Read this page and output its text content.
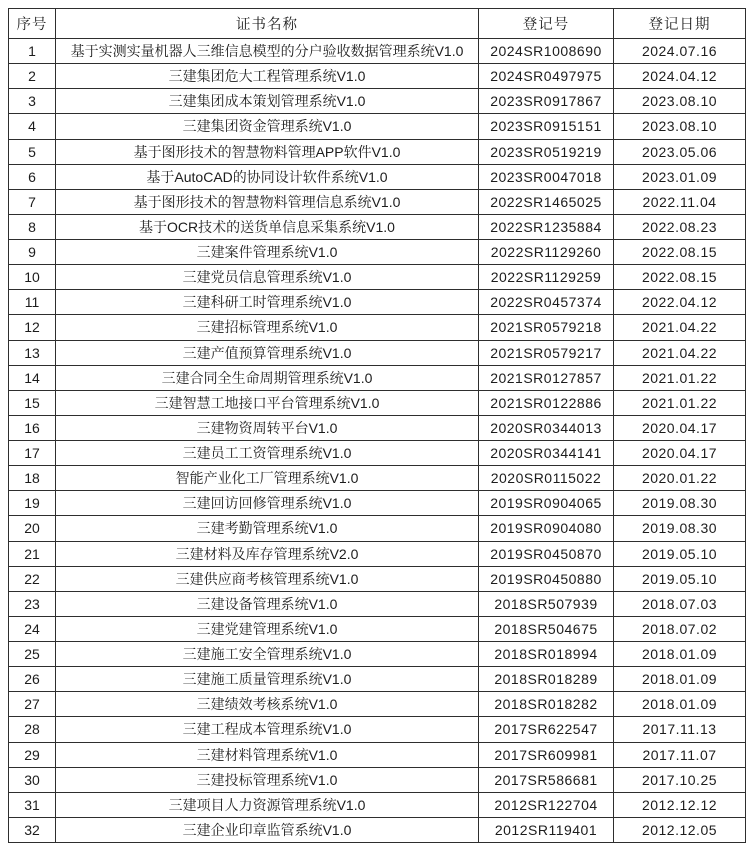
序号	证书名称	登记号	登记日期
1	基于实测实量机器人三维信息模型的分户验收数据管理系统V1.0	2024SR1008690	2024.07.16
2	三建集团危大工程管理系统V1.0	2024SR0497975	2024.04.12
3	三建集团成本策划管理系统V1.0	2023SR0917867	2023.08.10
4	三建集团资金管理系统V1.0	2023SR0915151	2023.08.10
5	基于图形技术的智慧物料管理APP软件V1.0	2023SR0519219	2023.05.06
6	基于AutoCAD的协同设计软件系统V1.0	2023SR0047018	2023.01.09
7	基于图形技术的智慧物料管理信息系统V1.0	2022SR1465025	2022.11.04
8	基于OCR技术的送货单信息采集系统V1.0	2022SR1235884	2022.08.23
9	三建案件管理系统V1.0	2022SR1129260	2022.08.15
10	三建党员信息管理系统V1.0	2022SR1129259	2022.08.15
11	三建科研工时管理系统V1.0	2022SR0457374	2022.04.12
12	三建招标管理系统V1.0	2021SR0579218	2021.04.22
13	三建产值预算管理系统V1.0	2021SR0579217	2021.04.22
14	三建合同全生命周期管理系统V1.0	2021SR0127857	2021.01.22
15	三建智慧工地接口平台管理系统V1.0	2021SR0122886	2021.01.22
16	三建物资周转平台V1.0	2020SR0344013	2020.04.17
17	三建员工工资管理系统V1.0	2020SR0344141	2020.04.17
18	智能产业化工厂管理系统V1.0	2020SR0115022	2020.01.22
19	三建回访回修管理系统V1.0	2019SR0904065	2019.08.30
20	三建考勤管理系统V1.0	2019SR0904080	2019.08.30
21	三建材料及库存管理系统V2.0	2019SR0450870	2019.05.10
22	三建供应商考核管理系统V1.0	2019SR0450880	2019.05.10
23	三建设备管理系统V1.0	2018SR507939	2018.07.03
24	三建党建管理系统V1.0	2018SR504675	2018.07.02
25	三建施工安全管理系统V1.0	2018SR018994	2018.01.09
26	三建施工质量管理系统V1.0	2018SR018289	2018.01.09
27	三建绩效考核系统V1.0	2018SR018282	2018.01.09
28	三建工程成本管理系统V1.0	2017SR622547	2017.11.13
29	三建材料管理系统V1.0	2017SR609981	2017.11.07
30	三建投标管理系统V1.0	2017SR586681	2017.10.25
31	三建项目人力资源管理系统V1.0	2012SR122704	2012.12.12
32	三建企业印章监管系统V1.0	2012SR119401	2012.12.05
